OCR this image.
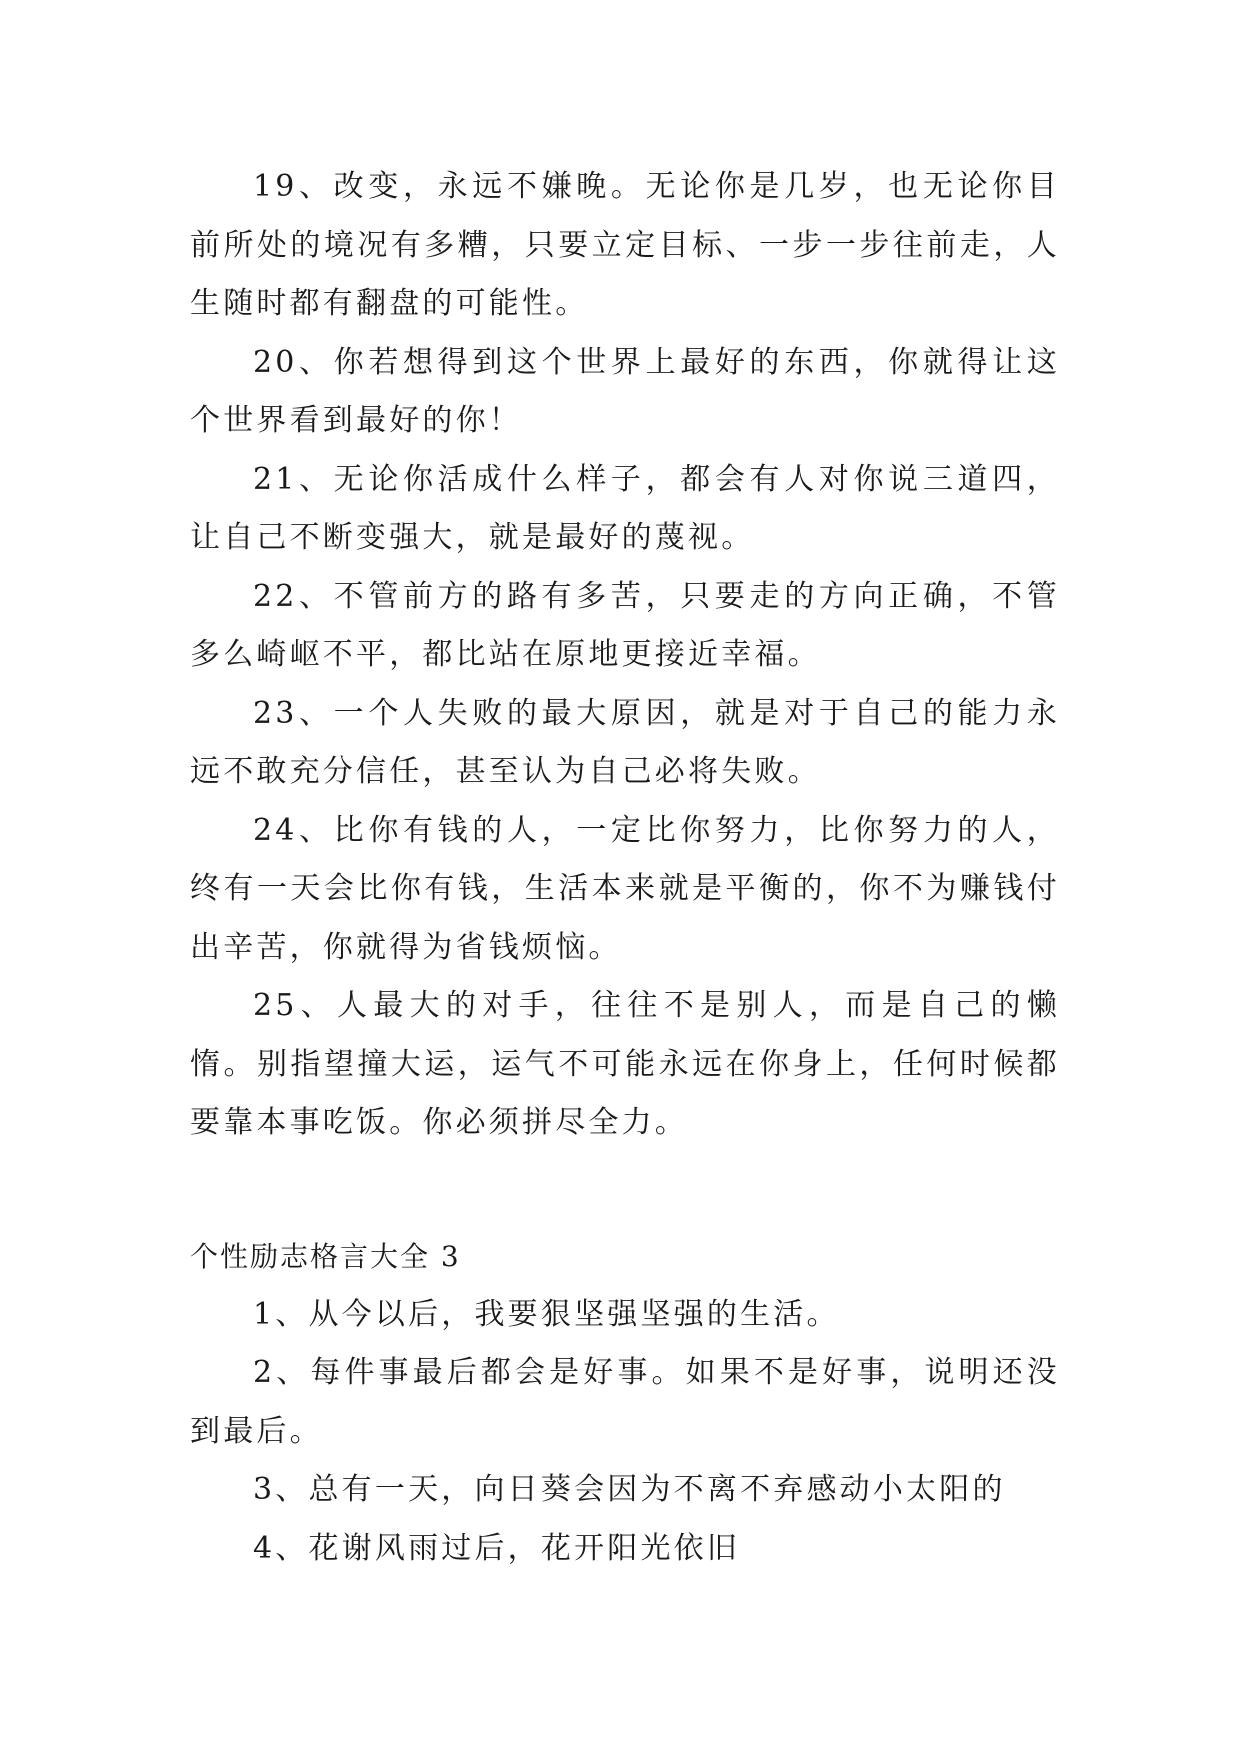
19、改变，永远不嫌晚。无论你是几岁，也无论你目前所处的境况有多糟，只要立定目标、一步一步往前走，人生随时都有翻盘的可能性。

20、你若想得到这个世界上最好的东西，你就得让这个世界看到最好的你！

21、无论你活成什么样子，都会有人对你说三道四，让自己不断变强大，就是最好的蔑视。

22、不管前方的路有多苦，只要走的方向正确，不管多么崎岖不平，都比站在原地更接近幸福。

23、一个人失败的最大原因，就是对于自己的能力永远不敢充分信任，甚至认为自己必将失败。

24、比你有钱的人，一定比你努力，比你努力的人，终有一天会比你有钱，生活本来就是平衡的，你不为赚钱付出辛苦，你就得为省钱烦恼。

25、人最大的对手，往往不是别人，而是自己的懒惰。别指望撞大运，运气不可能永远在你身上，任何时候都要靠本事吃饭。你必须拼尽全力。

个性励志格言大全 3

1、从今以后，我要狠坚强坚强的生活。

2、每件事最后都会是好事。如果不是好事，说明还没到最后。

3、总有一天，向日葵会因为不离不弃感动小太阳的

4、花谢风雨过后，花开阳光依旧
